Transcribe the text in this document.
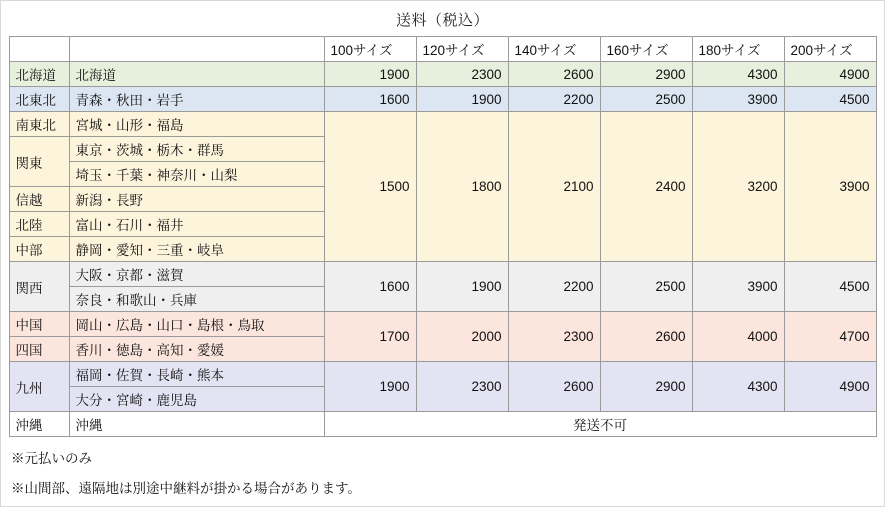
送料（税込）
		100サイズ	120サイズ	140サイズ	160サイズ	180サイズ	200サイズ
北海道	北海道	1900	2300	2600	2900	4300	4900
北東北	青森・秋田・岩手	1600	1900	2200	2500	3900	4500
南東北	宮城・山形・福島	1500	1800	2100	2400	3200	3900
関東	東京・茨城・栃木・群馬						
	埼玉・千葉・神奈川・山梨						
信越	新潟・長野						
北陸	富山・石川・福井						
中部	静岡・愛知・三重・岐阜						
関西	大阪・京都・滋賀	1600	1900	2200	2500	3900	4500
	奈良・和歌山・兵庫						
中国	岡山・広島・山口・島根・鳥取	1700	2000	2300	2600	4000	4700
四国	香川・徳島・高知・愛媛						
九州	福岡・佐賀・長崎・熊本	1900	2300	2600	2900	4300	4900
	大分・宮崎・鹿児島						
沖縄	沖縄	発送不可					
※元払いのみ
※山間部、遠隔地は別途中継料が掛かる場合があります。
